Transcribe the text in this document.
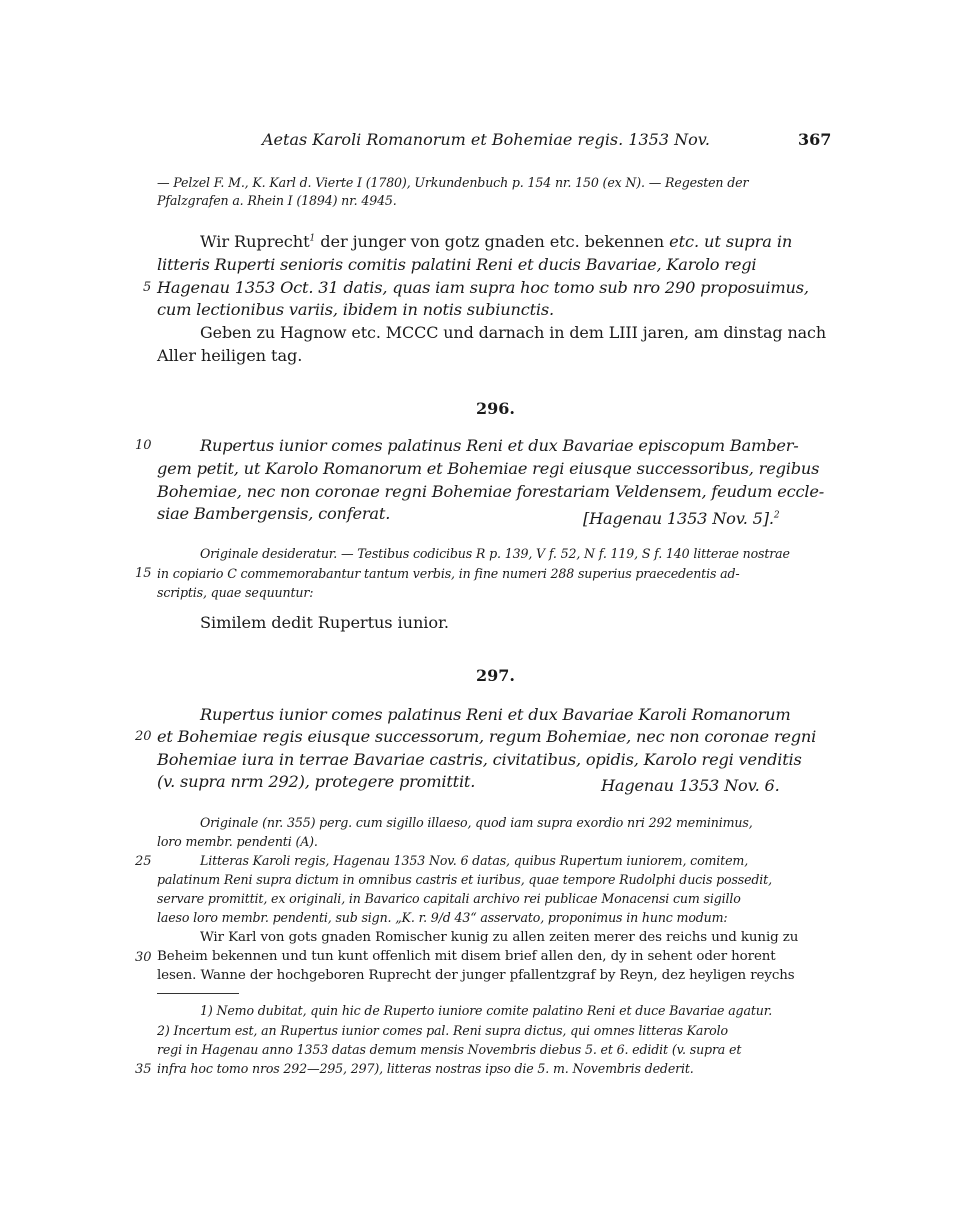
Aetas Karoli Romanorum et Bohemiae regis. 1353 Nov.	367
— Pelzel F. M., K. Karl d. Vierte I (1780), Urkundenbuch p. 154 nr. 150 (ex N). — Regesten der
Pfalzgrafen a. Rhein I (1894) nr. 4945.
Wir Ruprecht$^1$ der junger von gotz gnaden etc. bekennen etc. ut supra in
litteris Ruperti senioris comitis palatini Reni et ducis Bavariae, Karolo regi
5 Hagenau 1353 Oct. 31 datis, quas iam supra hoc tomo sub nro 290 proposuimus,
cum lectionibus variis, ibidem in notis subiunctis.
Geben zu Hagnow etc. MCCC und darnach in dem LIII jaren, am dinstag nach
Aller heiligen tag.
296.
10	Rupertus iunior comes palatinus Reni et dux Bavariae episcopum Bamber-
gem petit, ut Karolo Romanorum et Bohemiae regi eiusque successoribus, regibus
Bohemiae, nec non coronae regni Bohemiae forestariam Veldensem, feudum eccle-
siae Bambergensis, conferat.	[Hagenau 1353 Nov. 5].$^2$
Originale desideratur. — Testibus codicibus R p. 139, V f. 52, N f. 119, S f. 140 litterae nostrae
15 in copiario C commemorabantur tantum verbis, in fine numeri 288 superius praecedentis ad-
scriptis, quae sequuntur:
Similem dedit Rupertus iunior.
297.
Rupertus iunior comes palatinus Reni et dux Bavariae Karoli Romanorum
20 et Bohemiae regis eiusque successorum, regum Bohemiae, nec non coronae regni
Bohemiae iura in terrae Bavariae castris, civitatibus, opidis, Karolo regi venditis
(v. supra nrm 292), protegere promittit.	Hagenau 1353 Nov. 6.
Originale (nr. 355) perg. cum sigillo illaeso, quod iam supra exordio nri 292 meminimus,
loro membr. pendenti (A).
25	Litteras Karoli regis, Hagenau 1353 Nov. 6 datas, quibus Rupertum iuniorem, comitem,
palatinum Reni supra dictum in omnibus castris et iuribus, quae tempore Rudolphi ducis possedit,
servare promittit, ex originali, in Bavarico capitali archivo rei publicae Monacensi cum sigillo
laeso loro membr. pendenti, sub sign. „K. r. 9/d 43“ asservato, proponimus in hunc modum:
Wir Karl von gots gnaden Romischer kunig zu allen zeiten merer des reichs und kunig zu
30 Beheim bekennen und tun kunt offenlich mit disem brief allen den, dy in sehent oder horent
lesen. Wanne der hochgeboren Ruprecht der junger pfallentzgraf by Reyn, dez heyligen reychs
1) Nemo dubitat, quin hic de Ruperto iuniore comite palatino Reni et duce Bavariae agatur.
2) Incertum est, an Rupertus iunior comes pal. Reni supra dictus, qui omnes litteras Karolo
regi in Hagenau anno 1353 datas demum mensis Novembris diebus 5. et 6. edidit (v. supra et
35 infra hoc tomo nros 292—295, 297), litteras nostras ipso die 5. m. Novembris dederit.
